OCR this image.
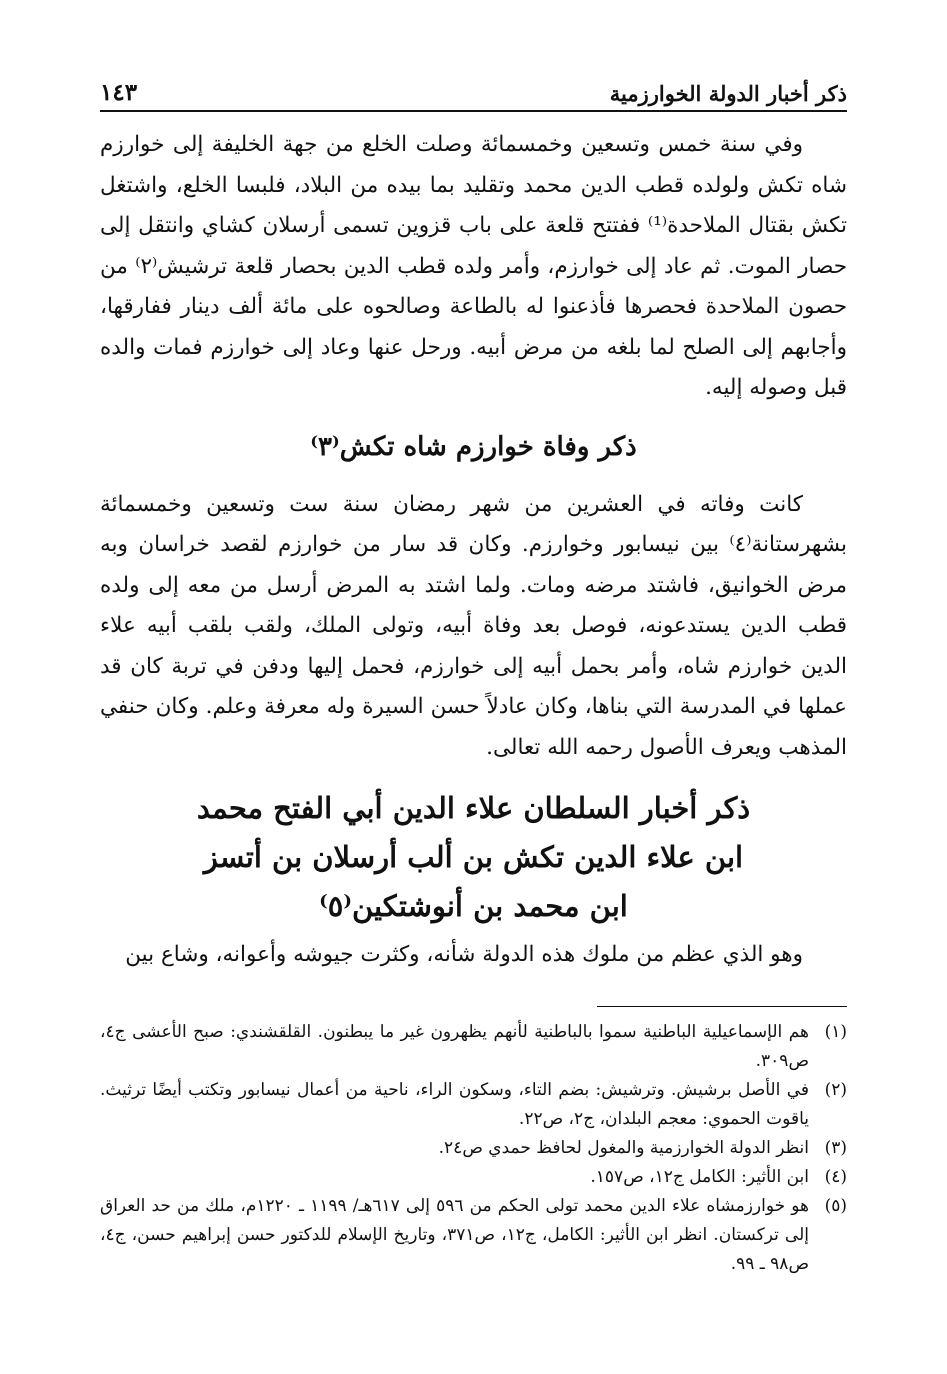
ذكر أخبار الدولة الخوارزمية
١٤٣

وفي سنة خمس وتسعين وخمسمائة وصلت الخلع من جهة الخليفة إلى خوارزم شاه تكش ولولده قطب الدين محمد وتقليد بما بيده من البلاد، فلبسا الخلع، واشتغل تكش بقتال الملاحدة⁽¹⁾ ففتتح قلعة على باب قزوين تسمى أرسلان كشاي وانتقل إلى حصار الموت. ثم عاد إلى خوارزم، وأمر ولده قطب الدين بحصار قلعة ترشيش⁽٢⁾ من حصون الملاحدة فحصرها فأذعنوا له بالطاعة وصالحوه على مائة ألف دينار ففارقها، وأجابهم إلى الصلح لما بلغه من مرض أبيه. ورحل عنها وعاد إلى خوارزم فمات والده قبل وصوله إليه.

ذكر وفاة خوارزم شاه تكش⁽٣⁾

كانت وفاته في العشرين من شهر رمضان سنة ست وتسعين وخمسمائة بشهرستانة⁽٤⁾ بين نيسابور وخوارزم. وكان قد سار من خوارزم لقصد خراسان وبه مرض الخوانيق، فاشتد مرضه ومات. ولما اشتد به المرض أرسل من معه إلى ولده قطب الدين يستدعونه، فوصل بعد وفاة أبيه، وتولى الملك، ولقب بلقب أبيه علاء الدين خوارزم شاه، وأمر بحمل أبيه إلى خوارزم، فحمل إليها ودفن في تربة كان قد عملها في المدرسة التي بناها، وكان عادلاً حسن السيرة وله معرفة وعلم. وكان حنفي المذهب ويعرف الأصول رحمه الله تعالى.

ذكر أخبار السلطان علاء الدين أبي الفتح محمد
ابن علاء الدين تكش بن ألب أرسلان بن أتسز
ابن محمد بن أنوشتكين⁽٥⁾

وهو الذي عظم من ملوك هذه الدولة شأنه، وكثرت جيوشه وأعوانه، وشاع بين

(١)
هم الإسماعيلية الباطنية سموا بالباطنية لأنهم يظهرون غير ما يبطنون. القلقشندي: صبح الأعشى ج٤، ص٣٠٩.
(٢)
في الأصل برشيش. وترشيش: بضم التاء، وسكون الراء، ناحية من أعمال نيسابور وتكتب أيضًا ترثيث. ياقوت الحموي: معجم البلدان، ج٢، ص٢٢.
(٣)
انظر الدولة الخوارزمية والمغول لحافظ حمدي ص٢٤.
(٤)
ابن الأثير: الكامل ج١٢، ص١٥٧.
(٥)
هو خوارزمشاه علاء الدين محمد تولى الحكم من ٥٩٦ إلى ٦١٧هـ/ ١١٩٩ ـ ١٢٢٠م، ملك من حد العراق إلى تركستان. انظر ابن الأثير: الكامل، ج١٢، ص٣٧١، وتاريخ الإسلام للدكتور حسن إبراهيم حسن، ج٤، ص٩٨ ـ ٩٩.
